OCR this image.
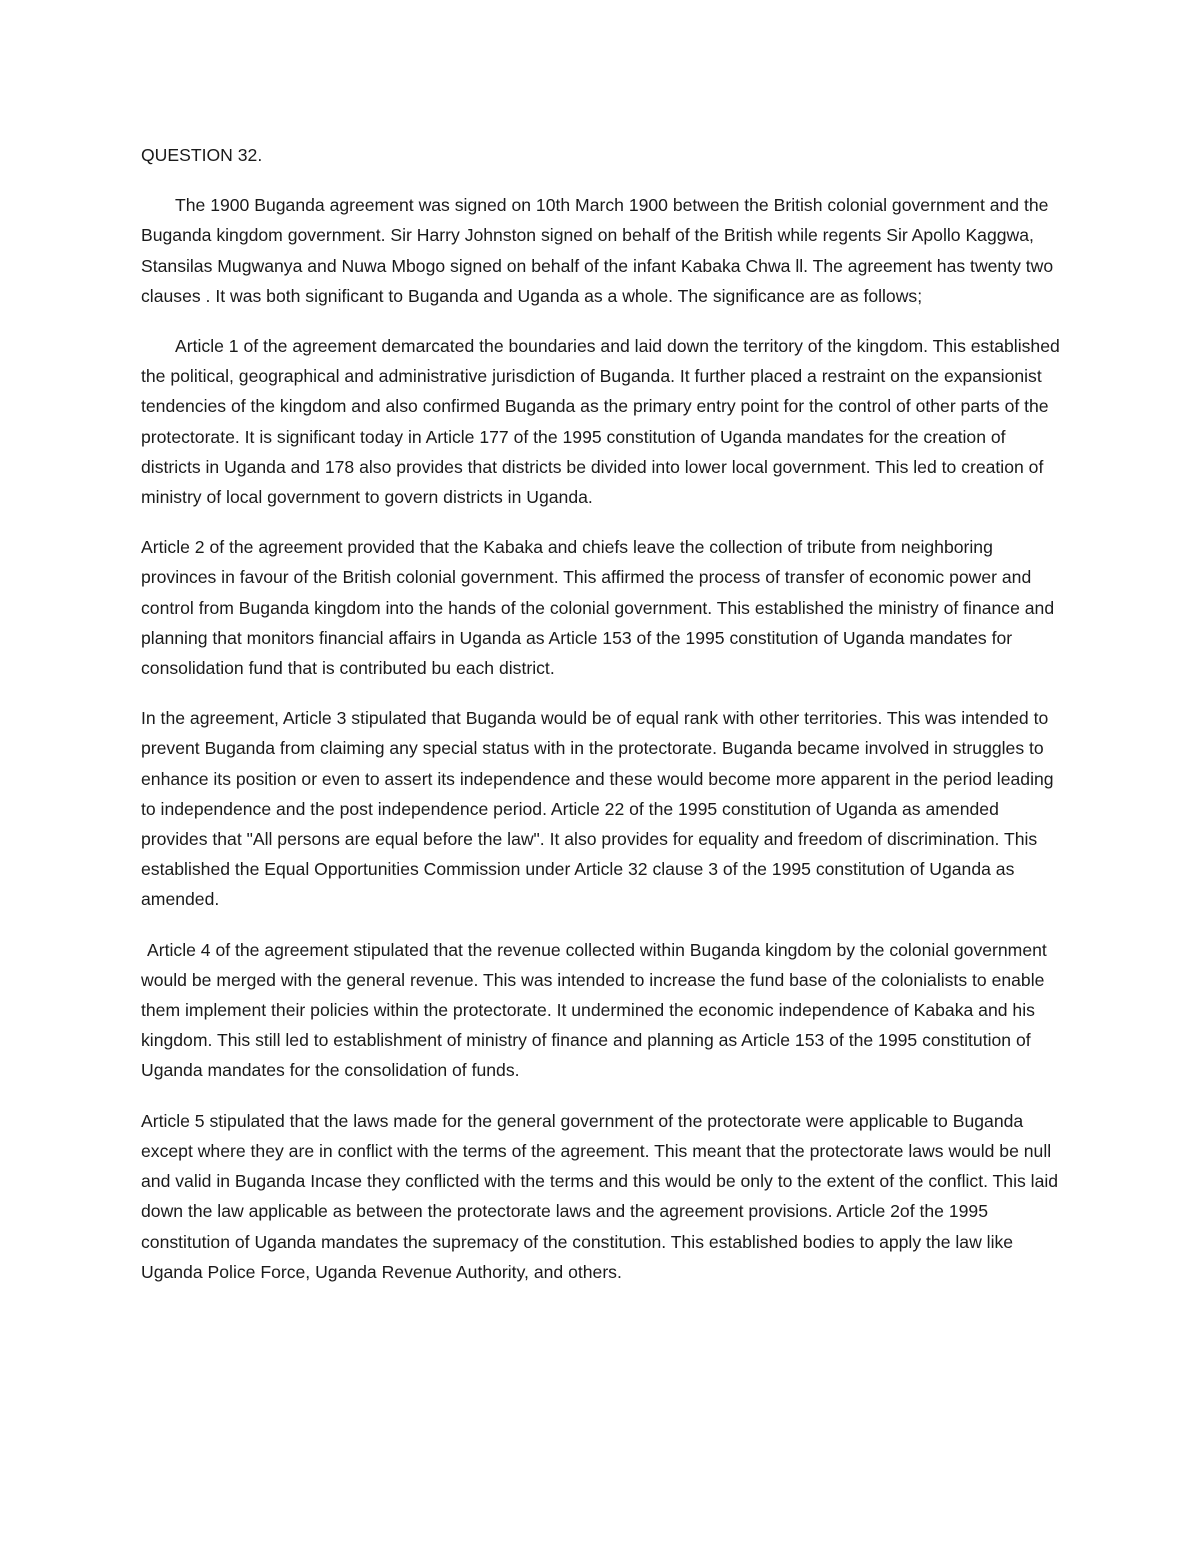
QUESTION 32.

The 1900 Buganda agreement was signed on 10th March 1900 between the British colonial government and the Buganda kingdom government. Sir Harry Johnston signed on behalf of the British while regents Sir Apollo Kaggwa, Stansilas Mugwanya and Nuwa Mbogo signed on behalf of the infant Kabaka Chwa ll. The agreement has twenty two clauses . It was both significant to Buganda and Uganda as a whole. The significance are as follows;

Article 1 of the agreement demarcated the boundaries and laid down the territory of the kingdom. This established the political, geographical and administrative jurisdiction of Buganda. It further placed a restraint on the expansionist tendencies of the kingdom and also confirmed Buganda as the primary entry point for the control of other parts of the protectorate. It is significant today in Article 177 of the 1995 constitution of Uganda mandates for the creation of districts in Uganda and 178 also provides that districts be divided into lower local government. This led to creation of ministry of local government to govern districts in Uganda.

Article 2 of the agreement provided that the Kabaka and chiefs leave the collection of tribute from neighboring provinces in favour of the British colonial government. This affirmed the process of transfer of economic power and control from Buganda kingdom into the hands of the colonial government. This established the ministry of finance and planning that monitors financial affairs in Uganda as Article 153 of the 1995 constitution of Uganda mandates for consolidation fund that is contributed bu each district.

In the agreement, Article 3 stipulated that Buganda would be of equal rank with other territories. This was intended to prevent Buganda from claiming any special status with in the protectorate. Buganda became involved in struggles to enhance its position or even to assert its independence and these would become more apparent in the period leading to independence and the post independence period. Article 22 of the 1995 constitution of Uganda as amended provides that "All persons are equal before the law". It also provides for equality and freedom of discrimination. This established the Equal Opportunities Commission under Article 32 clause 3 of the 1995 constitution of Uganda as amended.

Article 4 of the agreement stipulated that the revenue collected within Buganda kingdom by the colonial government would be merged with the general revenue. This was intended to increase the fund base of the colonialists to enable them implement their policies within the protectorate. It undermined the economic independence of Kabaka and his kingdom. This still led to establishment of ministry of finance and planning as Article 153 of the 1995 constitution of Uganda mandates for the consolidation of funds.

Article 5 stipulated that the laws made for the general government of the protectorate were applicable to Buganda except where they are in conflict with the terms of the agreement. This meant that the protectorate laws would be null and valid in Buganda Incase they conflicted with the terms and this would be only to the extent of the conflict. This laid down the law applicable as between the protectorate laws and the agreement provisions. Article 2of the 1995 constitution of Uganda mandates the supremacy of the constitution. This established bodies to apply the law like Uganda Police Force, Uganda Revenue Authority, and others.
